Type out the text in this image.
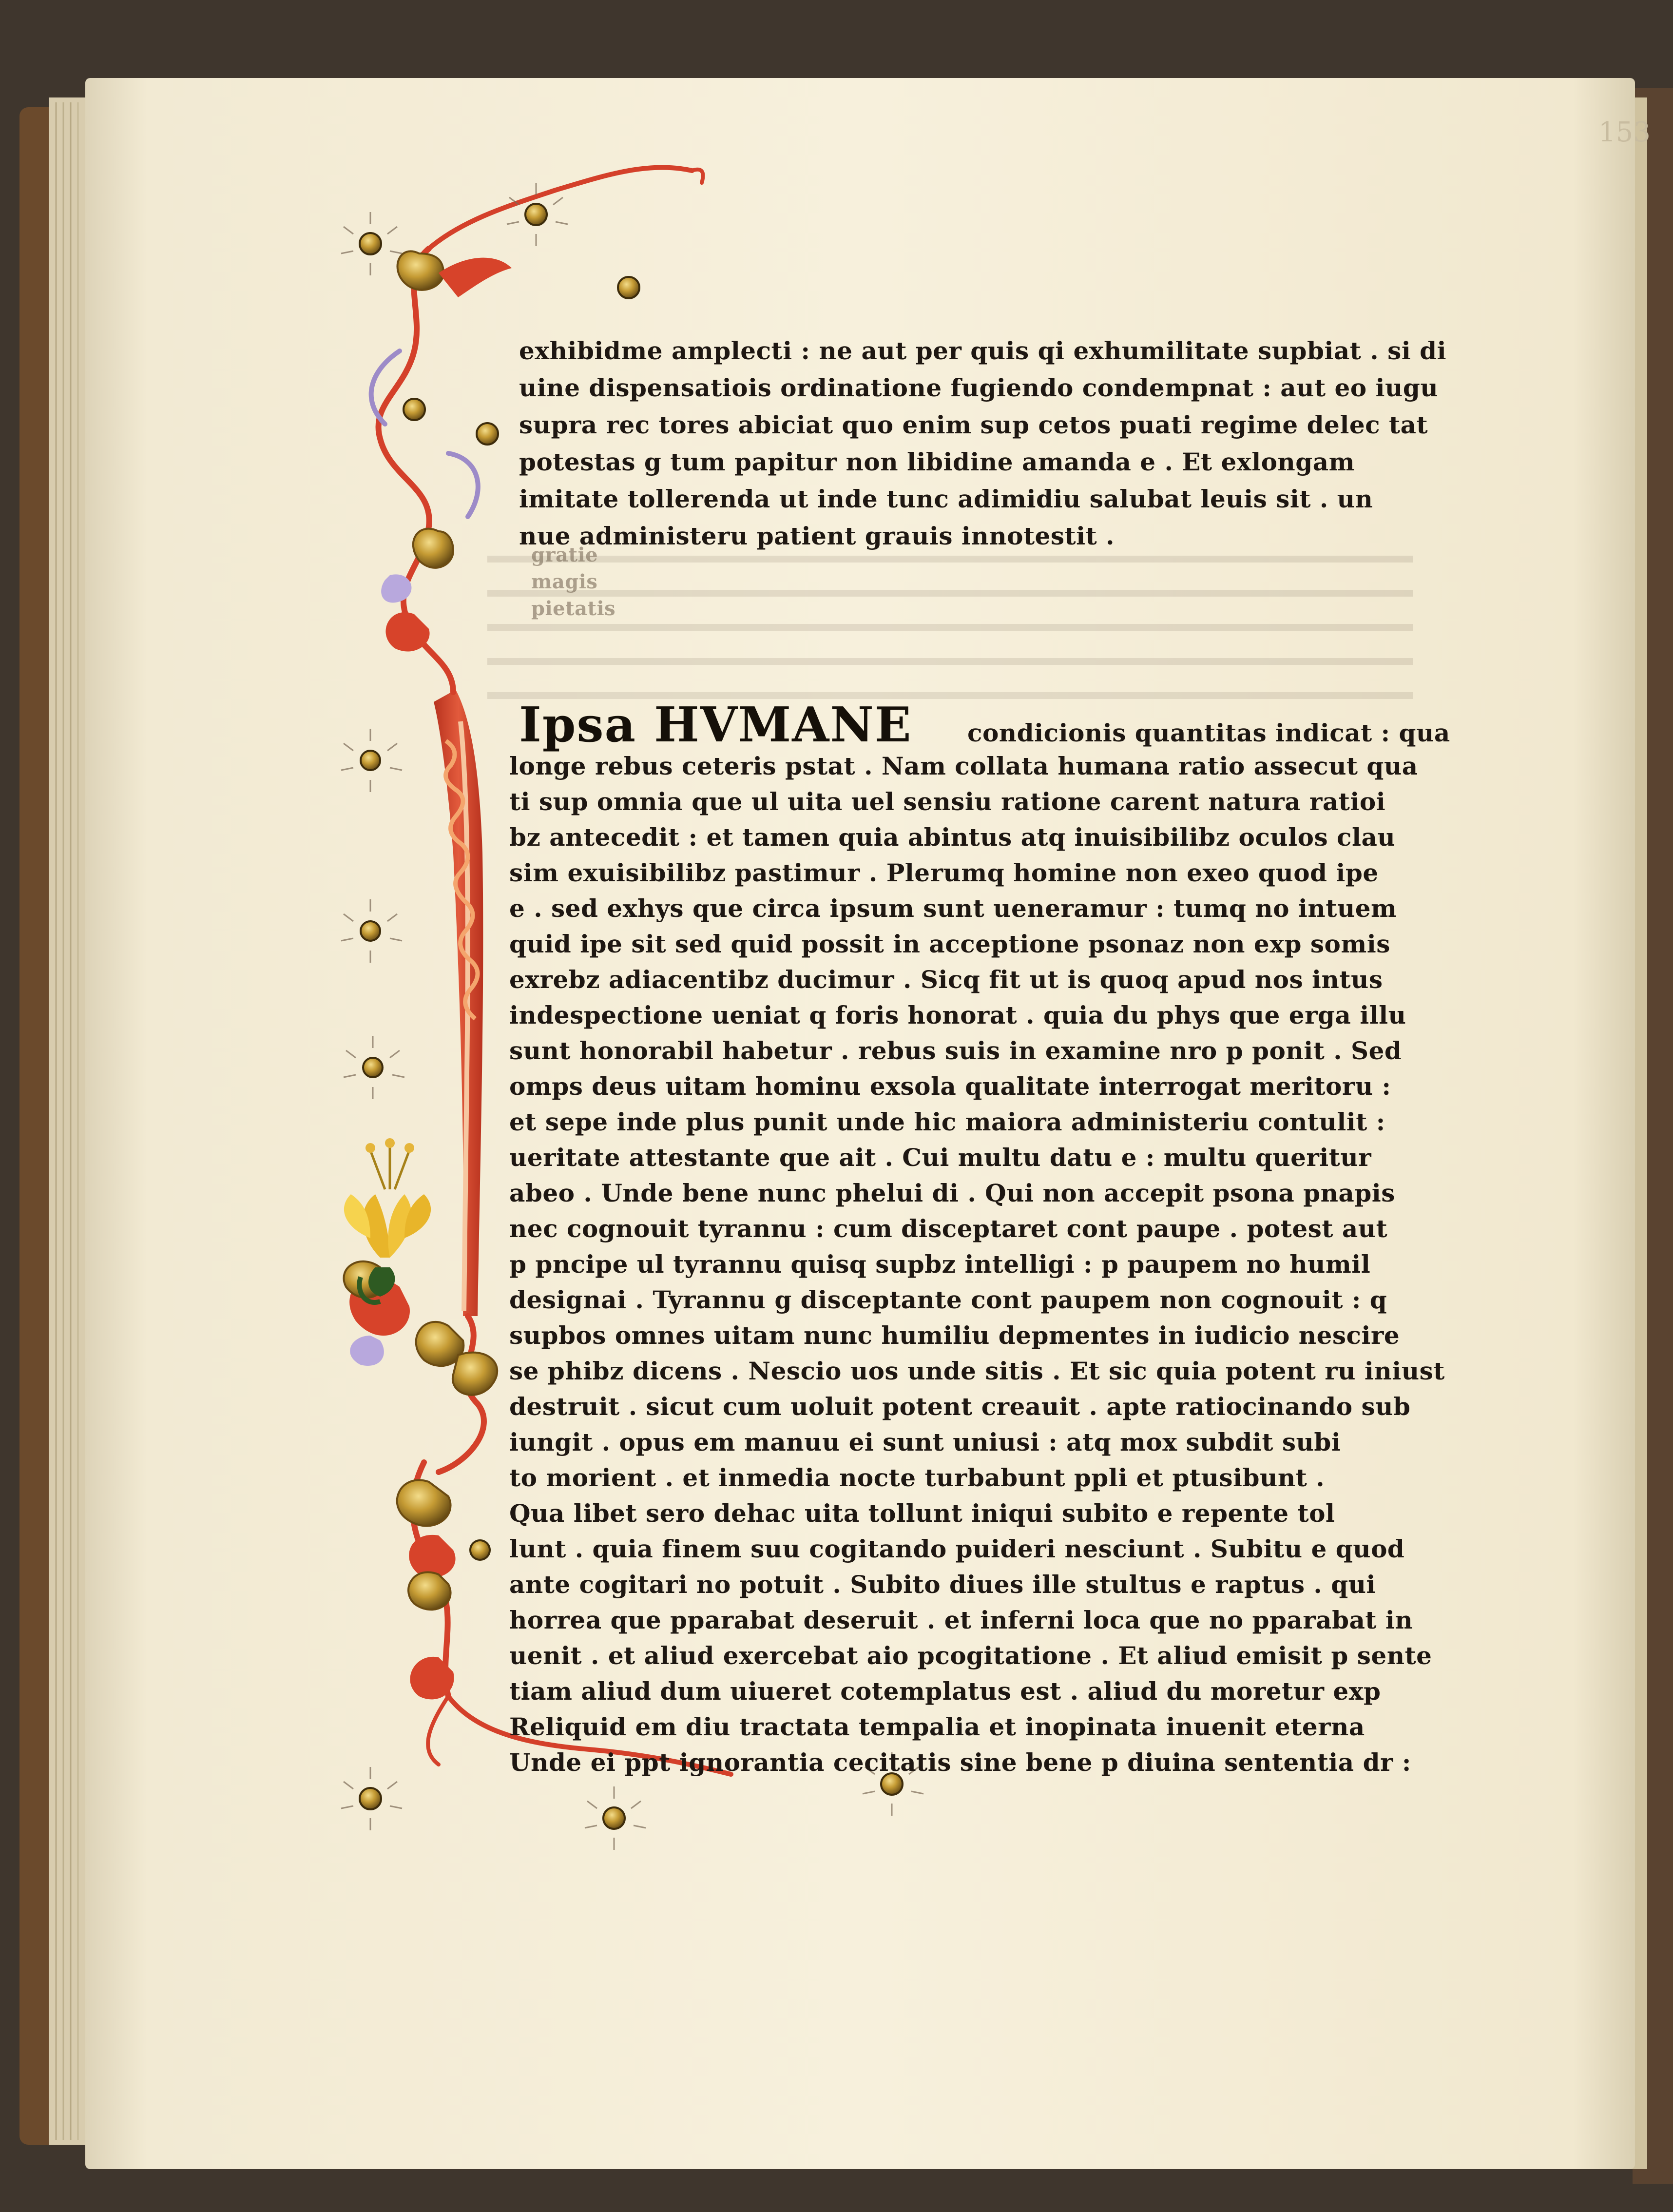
153
exhibidme amplecti : ne aut per quis qi exhumilitate supbiat . si di
uine dispensatiois ordinatione fugiendo condempnat : aut eo iugu
supra rec tores abiciat quo enim sup cetos puati regime delec tat
potestas g tum papitur non libidine amanda e . Et exlongam
imitate tollerenda ut inde tunc adimidiu salubat leuis sit . un
nue administeru patient grauis innotestit .
gratie
magis
pietatis
Ipsa HVMANE condicionis quantitas indicat : qua
longe rebus ceteris pstat . Nam collata humana ratio assecut qua
ti sup omnia que ul uita uel sensiu ratione carent natura ratioi
bz antecedit : et tamen quia abintus atq inuisibilibz oculos clau
sim exuisibilibz pastimur . Plerumq homine non exeo quod ipe
e . sed exhys que circa ipsum sunt ueneramur : tumq no intuem
quid ipe sit sed quid possit in acceptione psonaz non exp somis
exrebz adiacentibz ducimur . Sicq fit ut is quoq apud nos intus
indespectione ueniat q foris honorat . quia du phys que erga illu
sunt honorabil habetur . rebus suis in examine nro p ponit . Sed
omps deus uitam hominu exsola qualitate interrogat meritoru :
et sepe inde plus punit unde hic maiora administeriu contulit :
ueritate attestante que ait . Cui multu datu e : multu queritur
abeo . Unde bene nunc phelui di . Qui non accepit psona pnapis
nec cognouit tyrannu : cum disceptaret cont paupe . potest aut
p pncipe ul tyrannu quisq supbz intelligi : p paupem no humil
designai . Tyrannu g disceptante cont paupem non cognouit : q
supbos omnes uitam nunc humiliu depmentes in iudicio nescire
se phibz dicens . Nescio uos unde sitis . Et sic quia potent ru iniust
destruit . sicut cum uoluit potent creauit . apte ratiocinando sub
iungit . opus em manuu ei sunt uniusi : atq mox subdit subi
to morient . et inmedia nocte turbabunt ppli et ptusibunt .
Qua libet sero dehac uita tollunt iniqui subito e repente tol
lunt . quia finem suu cogitando puideri nesciunt . Subitu e quod
ante cogitari no potuit . Subito diues ille stultus e raptus . qui
horrea que pparabat deseruit . et inferni loca que no pparabat in
uenit . et aliud exercebat aio pcogitatione . Et aliud emisit p sente
tiam aliud dum uiueret cotemplatus est . aliud du moretur exp
Reliquid em diu tractata tempalia et inopinata inuenit eterna
Unde ei ppt ignorantia cecitatis sine bene p diuina sententia dr :
